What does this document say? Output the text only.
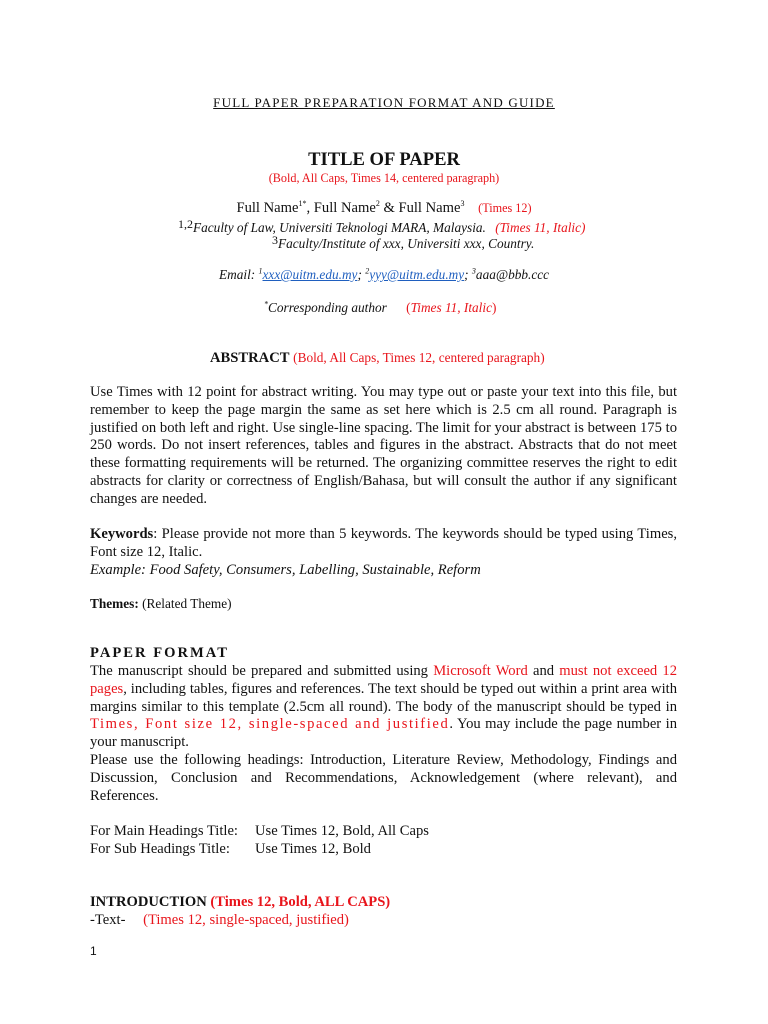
FULL PAPER PREPARATION FORMAT AND GUIDE
TITLE OF PAPER
(Bold, All Caps, Times 14, centered paragraph)
Full Name$^{1*}$, Full Name$^2$ & Full Name$^3$ (Times 12)
1,2Faculty of Law, Universiti Teknologi MARA, Malaysia. (Times 11, Italic)
3Faculty/Institute of xxx, Universiti xxx, Country.
Email: $^1$xxx@uitm.edu.my; $^2$yyy@uitm.edu.my; $^3$aaa@bbb.ccc
*Corresponding author (Times 11, Italic)
ABSTRACT (Bold, All Caps, Times 12, centered paragraph)
Use Times with 12 point for abstract writing. You may type out or paste your text into this file, but remember to keep the page margin the same as set here which is 2.5 cm all round. Paragraph is justified on both left and right. Use single-line spacing. The limit for your abstract is between 175 to 250 words. Do not insert references, tables and figures in the abstract. Abstracts that do not meet these formatting requirements will be returned. The organizing committee reserves the right to edit abstracts for clarity or correctness of English/Bahasa, but will consult the author if any significant changes are needed.
Keywords: Please provide not more than 5 keywords. The keywords should be typed using Times, Font size 12, Italic.
Example: Food Safety, Consumers, Labelling, Sustainable, Reform
Themes: (Related Theme)
PAPER FORMAT
The manuscript should be prepared and submitted using Microsoft Word and must not exceed 12 pages, including tables, figures and references. The text should be typed out within a print area with margins similar to this template (2.5cm all round). The body of the manuscript should be typed in Times, Font size 12, single-spaced and justified. You may include the page number in your manuscript.
Please use the following headings: Introduction, Literature Review, Methodology, Findings and Discussion, Conclusion and Recommendations, Acknowledgement (where relevant), and References.
For Main Headings Title: Use Times 12, Bold, All Caps
For Sub Headings Title: Use Times 12, Bold
INTRODUCTION (Times 12, Bold, ALL CAPS)
-Text- (Times 12, single-spaced, justified)
1
